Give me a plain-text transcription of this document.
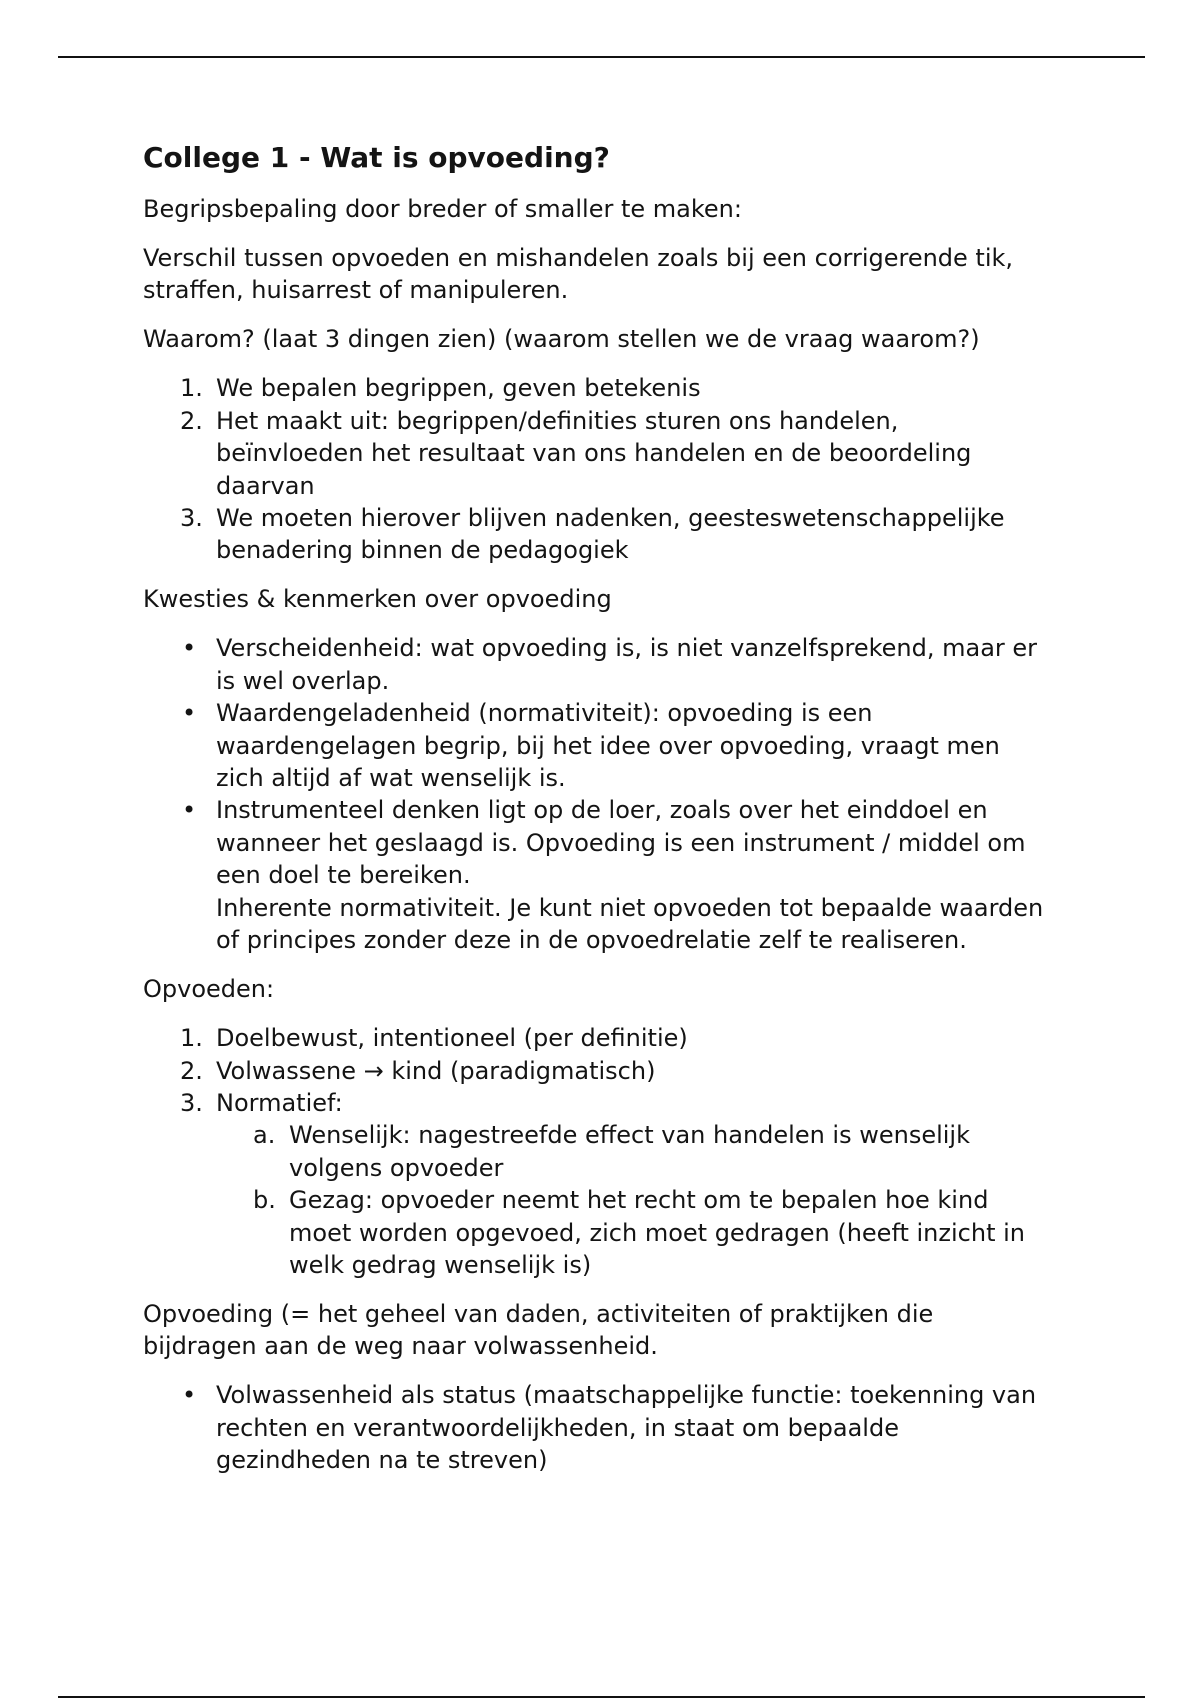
College 1 - Wat is opvoeding?
Begripsbepaling door breder of smaller te maken:
Verschil tussen opvoeden en mishandelen zoals bij een corrigerende tik,
straffen, huisarrest of manipuleren.
Waarom? (laat 3 dingen zien) (waarom stellen we de vraag waarom?)
1. We bepalen begrippen, geven betekenis
2. Het maakt uit: begrippen/definities sturen ons handelen,
beïnvloeden het resultaat van ons handelen en de beoordeling
daarvan
3. We moeten hierover blijven nadenken, geesteswetenschappelijke
benadering binnen de pedagogiek
Kwesties & kenmerken over opvoeding
• Verscheidenheid: wat opvoeding is, is niet vanzelfsprekend, maar er
is wel overlap.
• Waardengeladenheid (normativiteit): opvoeding is een
waardengelagen begrip, bij het idee over opvoeding, vraagt men
zich altijd af wat wenselijk is.
• Instrumenteel denken ligt op de loer, zoals over het einddoel en
wanneer het geslaagd is. Opvoeding is een instrument / middel om
een doel te bereiken.
Inherente normativiteit. Je kunt niet opvoeden tot bepaalde waarden
of principes zonder deze in de opvoedrelatie zelf te realiseren.
Opvoeden:
1. Doelbewust, intentioneel (per definitie)
2. Volwassene → kind (paradigmatisch)
3. Normatief:
a. Wenselijk: nagestreefde effect van handelen is wenselijk
volgens opvoeder
b. Gezag: opvoeder neemt het recht om te bepalen hoe kind
moet worden opgevoed, zich moet gedragen (heeft inzicht in
welk gedrag wenselijk is)
Opvoeding (= het geheel van daden, activiteiten of praktijken die
bijdragen aan de weg naar volwassenheid.
• Volwassenheid als status (maatschappelijke functie: toekenning van
rechten en verantwoordelijkheden, in staat om bepaalde
gezindheden na te streven)
